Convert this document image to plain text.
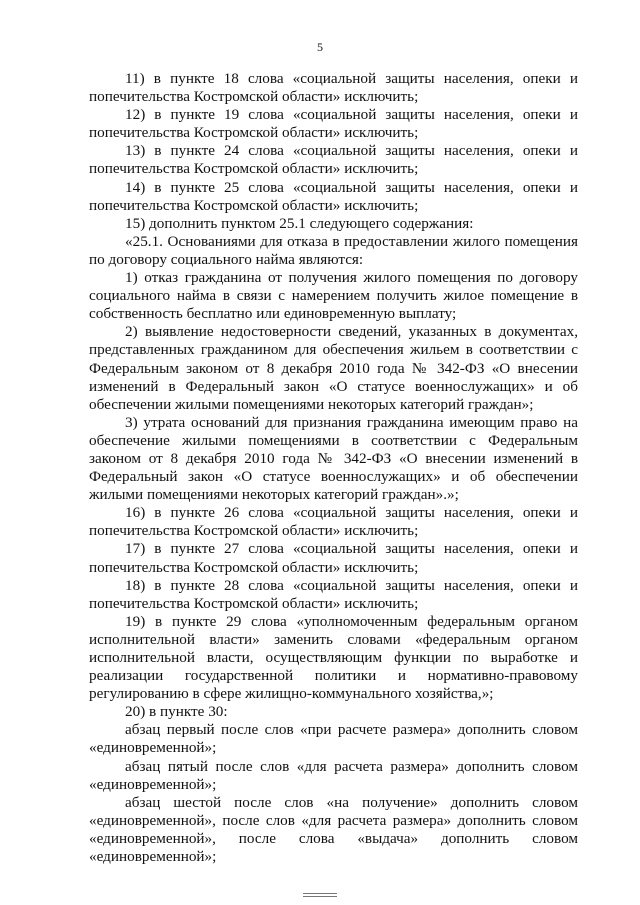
5

11) в пункте 18 слова «социальной защиты населения, опеки и попечительства Костромской области» исключить;

12) в пункте 19 слова «социальной защиты населения, опеки и попечительства Костромской области» исключить;

13) в пункте 24 слова «социальной защиты населения, опеки и попечительства Костромской области» исключить;

14) в пункте 25 слова «социальной защиты населения, опеки и попечительства Костромской области» исключить;

15) дополнить пунктом 25.1 следующего содержания:

«25.1. Основаниями для отказа в предоставлении жилого помещения по договору социального найма являются:

1) отказ гражданина от получения жилого помещения по договору социального найма в связи с намерением получить жилое помещение в собственность бесплатно или единовременную выплату;

2) выявление недостоверности сведений, указанных в документах, представленных гражданином для обеспечения жильем в соответствии с Федеральным законом от 8 декабря 2010 года № 342-ФЗ «О внесении изменений в Федеральный закон «О статусе военнослужащих» и об обеспечении жилыми помещениями некоторых категорий граждан»;

3) утрата оснований для признания гражданина имеющим право на обеспечение жилыми помещениями в соответствии с Федеральным законом от 8 декабря 2010 года № 342-ФЗ «О внесении изменений в Федеральный закон «О статусе военнослужащих» и об обеспечении жилыми помещениями некоторых категорий граждан».»;

16) в пункте 26 слова «социальной защиты населения, опеки и попечительства Костромской области» исключить;

17) в пункте 27 слова «социальной защиты населения, опеки и попечительства Костромской области» исключить;

18) в пункте 28 слова «социальной защиты населения, опеки и попечительства Костромской области» исключить;

19) в пункте 29 слова «уполномоченным федеральным органом исполнительной власти» заменить словами «федеральным органом исполнительной власти, осуществляющим функции по выработке и реализации государственной политики и нормативно-правовому регулированию в сфере жилищно-коммунального хозяйства,»;

20) в пункте 30:

абзац первый после слов «при расчете размера» дополнить словом «единовременной»;

абзац пятый после слов «для расчета размера» дополнить словом «единовременной»;

абзац шестой после слов «на получение» дополнить словом «единовременной», после слов «для расчета размера» дополнить словом «единовременной», после слова «выдача» дополнить словом «единовременной»;
